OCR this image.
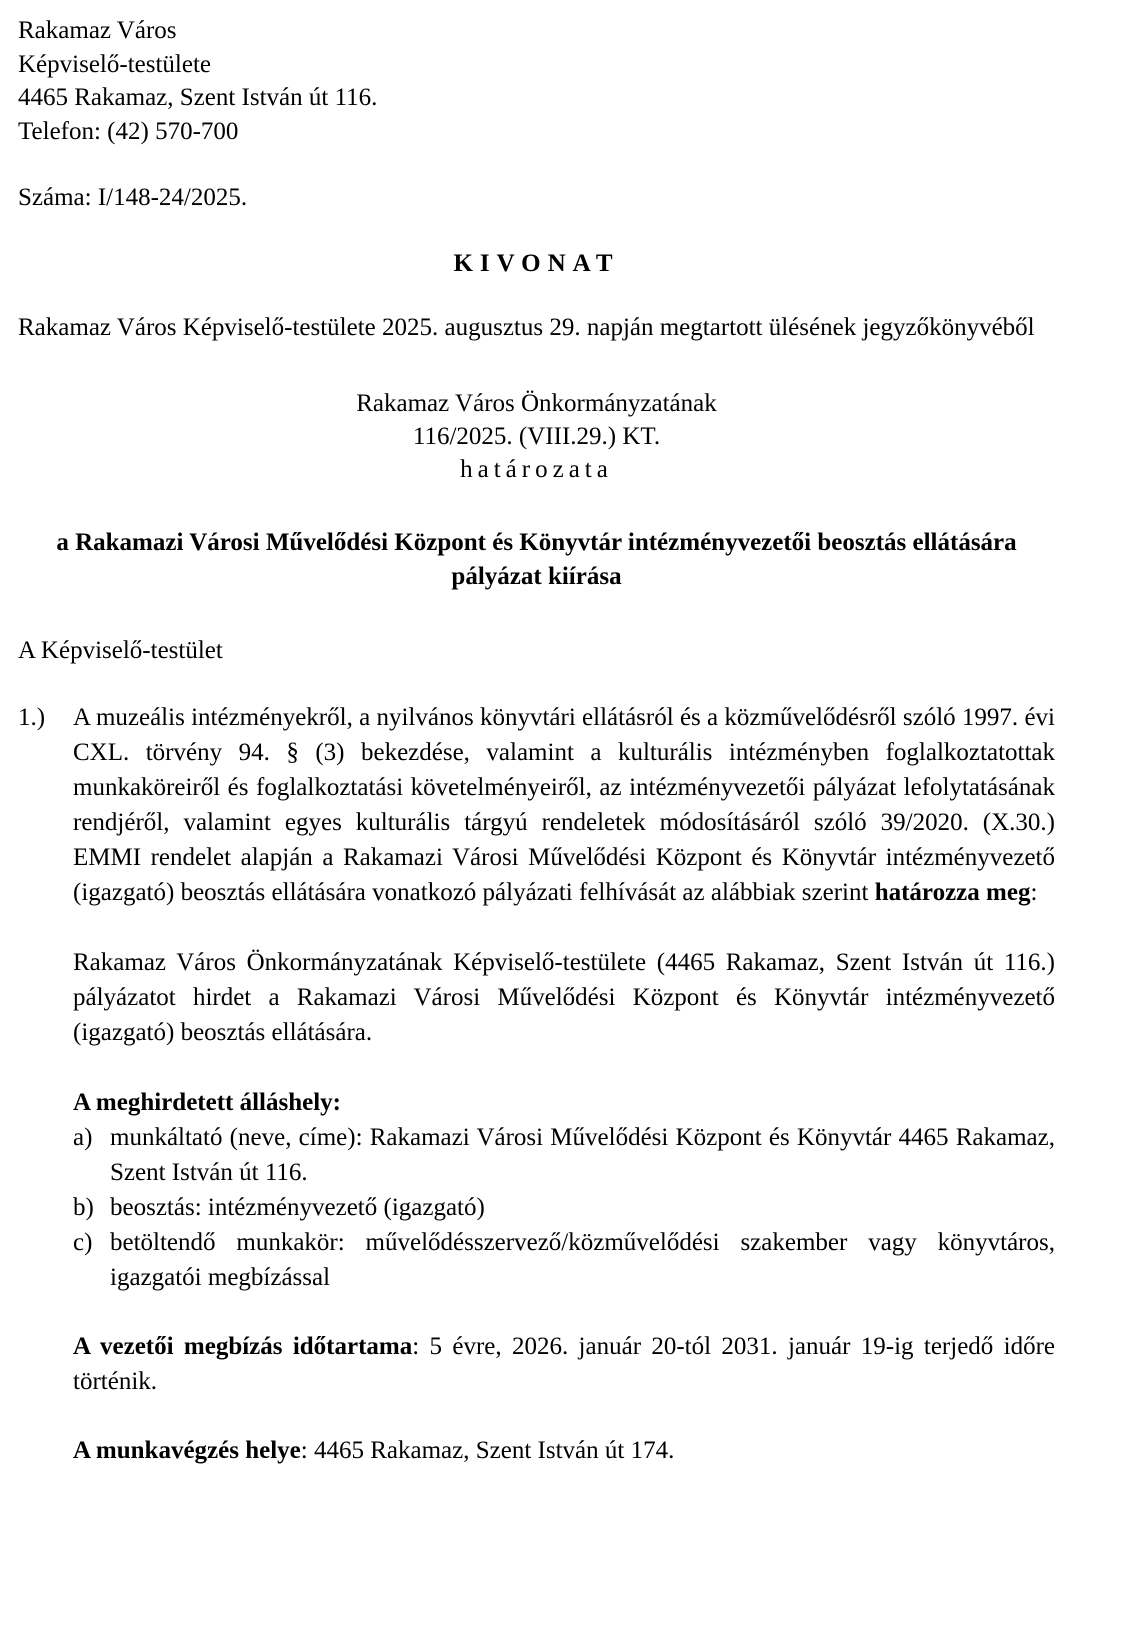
Rakamaz Város
Képviselő-testülete
4465 Rakamaz, Szent István út 116.
Telefon: (42) 570-700
Száma: I/148-24/2025.
KIVONAT
Rakamaz Város Képviselő-testülete 2025. augusztus 29. napján megtartott ülésének jegyzőkönyvéből
Rakamaz Város Önkormányzatának
116/2025. (VIII.29.) KT.
határozata
a Rakamazi Városi Művelődési Központ és Könyvtár intézményvezetői beosztás ellátására pályázat kiírása
A Képviselő-testület
1.) A muzeális intézményekről, a nyilvános könyvtári ellátásról és a közművelődésről szóló 1997. évi CXL. törvény 94. § (3) bekezdése, valamint a kulturális intézményben foglalkoztatottak munkaköreiről és foglalkoztatási követelményeiről, az intézményvezetői pályázat lefolytatásának rendjéről, valamint egyes kulturális tárgyú rendeletek módosításáról szóló 39/2020. (X.30.) EMMI rendelet alapján a Rakamazi Városi Művelődési Központ és Könyvtár intézményvezető (igazgató) beosztás ellátására vonatkozó pályázati felhívását az alábbiak szerint határozza meg:

Rakamaz Város Önkormányzatának Képviselő-testülete (4465 Rakamaz, Szent István út 116.) pályázatot hirdet a Rakamazi Városi Művelődési Központ és Könyvtár intézményvezető (igazgató) beosztás ellátására.

A meghirdetett álláshely:
a) munkáltató (neve, címe): Rakamazi Városi Művelődési Központ és Könyvtár 4465 Rakamaz, Szent István út 116.
b) beosztás: intézményvezető (igazgató)
c) betöltendő munkakör: művelődésszervező/közművelődési szakember vagy könyvtáros, igazgatói megbízással
A vezetői megbízás időtartama: 5 évre, 2026. január 20-tól 2031. január 19-ig terjedő időre történik.
A munkavégzés helye: 4465 Rakamaz, Szent István út 174.
